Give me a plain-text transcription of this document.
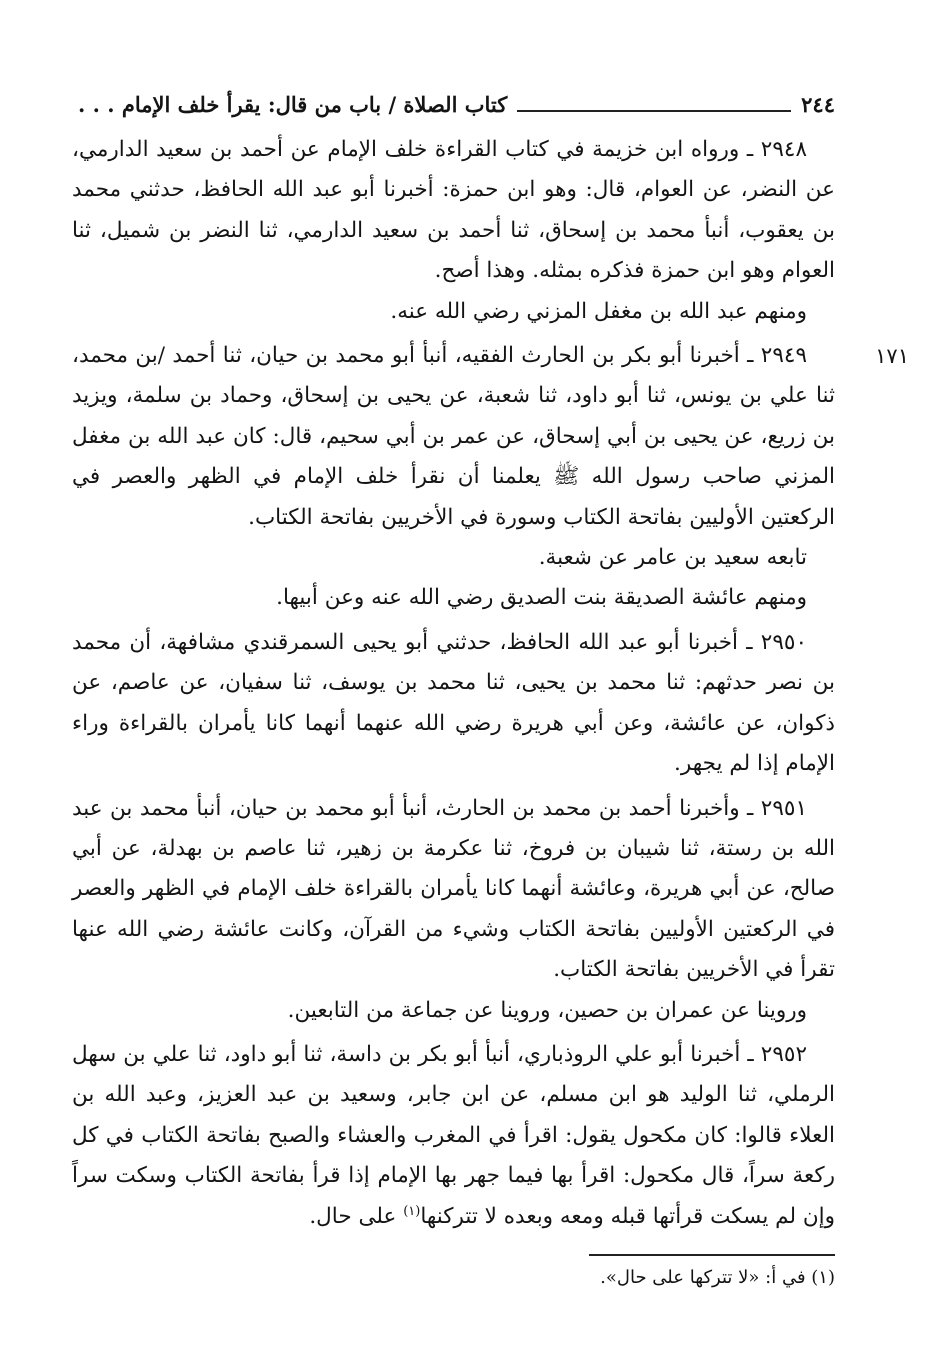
٢٤٤
كتاب الصلاة / باب من قال: يقرأ خلف الإمام . . .
١٧١

٢٩٤٨ ـ ورواه ابن خزيمة في كتاب القراءة خلف الإمام عن أحمد بن سعيد الدارمي، عن النضر، عن العوام، قال: وهو ابن حمزة: أخبرنا أبو عبد الله الحافظ، حدثني محمد بن يعقوب، أنبأ محمد بن إسحاق، ثنا أحمد بن سعيد الدارمي، ثنا النضر بن شميل، ثنا العوام وهو ابن حمزة فذكره بمثله. وهذا أصح.

ومنهم عبد الله بن مغفل المزني رضي الله عنه.

٢٩٤٩ ـ أخبرنا أبو بكر بن الحارث الفقيه، أنبأ أبو محمد بن حيان، ثنا أحمد /بن محمد، ثنا علي بن يونس، ثنا أبو داود، ثنا شعبة، عن يحيى بن إسحاق، وحماد بن سلمة، ويزيد بن زريع، عن يحيى بن أبي إسحاق، عن عمر بن أبي سحيم، قال: كان عبد الله بن مغفل المزني صاحب رسول الله ﷺ يعلمنا أن نقرأ خلف الإمام في الظهر والعصر في الركعتين الأوليين بفاتحة الكتاب وسورة في الأخريين بفاتحة الكتاب.

تابعه سعيد بن عامر عن شعبة.

ومنهم عائشة الصديقة بنت الصديق رضي الله عنه وعن أبيها.

٢٩٥٠ ـ أخبرنا أبو عبد الله الحافظ، حدثني أبو يحيى السمرقندي مشافهة، أن محمد بن نصر حدثهم: ثنا محمد بن يحيى، ثنا محمد بن يوسف، ثنا سفيان، عن عاصم، عن ذكوان، عن عائشة، وعن أبي هريرة رضي الله عنهما أنهما كانا يأمران بالقراءة وراء الإمام إذا لم يجهر.

٢٩٥١ ـ وأخبرنا أحمد بن محمد بن الحارث، أنبأ أبو محمد بن حيان، أنبأ محمد بن عبد الله بن رستة، ثنا شيبان بن فروخ، ثنا عكرمة بن زهير، ثنا عاصم بن بهدلة، عن أبي صالح، عن أبي هريرة، وعائشة أنهما كانا يأمران بالقراءة خلف الإمام في الظهر والعصر في الركعتين الأوليين بفاتحة الكتاب وشيء من القرآن، وكانت عائشة رضي الله عنها تقرأ في الأخريين بفاتحة الكتاب.

وروينا عن عمران بن حصين، وروينا عن جماعة من التابعين.

٢٩٥٢ ـ أخبرنا أبو علي الروذباري، أنبأ أبو بكر بن داسة، ثنا أبو داود، ثنا علي بن سهل الرملي، ثنا الوليد هو ابن مسلم، عن ابن جابر، وسعيد بن عبد العزيز، وعبد الله بن العلاء قالوا: كان مكحول يقول: اقرأ في المغرب والعشاء والصبح بفاتحة الكتاب في كل ركعة سراً، قال مكحول: اقرأ بها فيما جهر بها الإمام إذا قرأ بفاتحة الكتاب وسكت سراً وإن لم يسكت قرأتها قبله ومعه وبعده لا تتركنها$^{(١)}$ على حال.

(١) في أ: «لا تتركها على حال».
